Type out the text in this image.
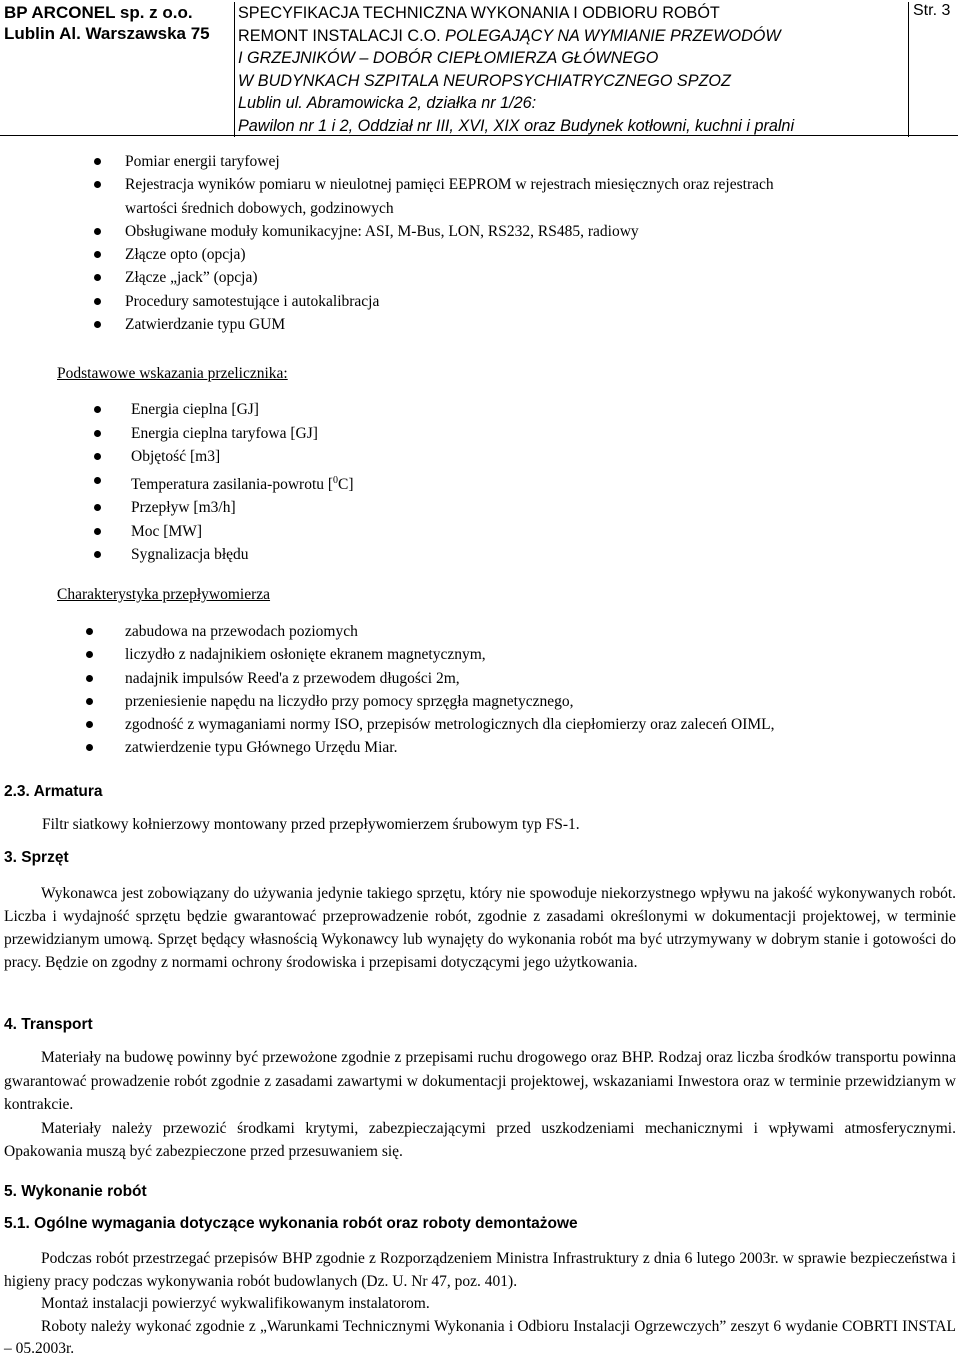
BP ARCONEL sp. z o.o.
Lublin Al. Warszawska 75

SPECYFIKACJA TECHNICZNA WYKONANIA I ODBIORU ROBÓT
REMONT INSTALACJI C.O. POLEGAJĄCY NA WYMIANIE PRZEWODÓW
I GRZEJNIKÓW – DOBÓR CIEPŁOMIERZA GŁÓWNEGO
W BUDYNKACH SZPITALA NEUROPSYCHIATRYCZNEGO SPZOZ
Lublin ul. Abramowicka 2, działka nr 1/26:
Pawilon nr 1 i 2, Oddział nr III, XVI, XIX oraz Budynek kotłowni, kuchni i pralni

Str. 3
Pomiar energii taryfowej
Rejestracja wyników pomiaru w nieulotnej pamięci EEPROM w rejestrach miesięcznych oraz rejestrach
wartości średnich dobowych, godzinowych
Obsługiwane moduły komunikacyjne: ASI, M-Bus, LON, RS232, RS485, radiowy
Złącze opto (opcja)
Złącze „jack” (opcja)
Procedury samotestujące i autokalibracja
Zatwierdzanie typu GUM
Podstawowe wskazania przelicznika:
Energia cieplna [GJ]
Energia cieplna taryfowa [GJ]
Objętość [m3]
Temperatura zasilania-powrotu [$^0$C]
Przepływ [m3/h]
Moc [MW]
Sygnalizacja błędu
Charakterystyka przepływomierza
zabudowa na przewodach poziomych
liczydło z nadajnikiem osłonięte ekranem magnetycznym,
nadajnik impulsów Reed'a z przewodem długości 2m,
przeniesienie napędu na liczydło przy pomocy sprzęgła magnetycznego,
zgodność z wymaganiami normy ISO, przepisów metrologicznych dla ciepłomierzy oraz zaleceń OIML,
zatwierdzenie typu Głównego Urzędu Miar.
2.3. Armatura
Filtr siatkowy kołnierzowy montowany przed przepływomierzem śrubowym typ FS-1.
3. Sprzęt

Wykonawca jest zobowiązany do używania jedynie takiego sprzętu, który nie spowoduje niekorzystnego wpływu na jakość wykonywanych robót. Liczba i wydajność sprzętu będzie gwarantować przeprowadzenie robót, zgodnie z zasadami określonymi w dokumentacji projektowej, w terminie przewidzianym umową. Sprzęt będący własnością Wykonawcy lub wynajęty do wykonania robót ma być utrzymywany w dobrym stanie i gotowości do pracy. Będzie on zgodny z normami ochrony środowiska i przepisami dotyczącymi jego użytkowania.

4. Transport

Materiały na budowę powinny być przewożone zgodnie z przepisami ruchu drogowego oraz BHP. Rodzaj oraz liczba środków transportu powinna gwarantować prowadzenie robót zgodnie z zasadami zawartymi w dokumentacji projektowej, wskazaniami Inwestora oraz w terminie przewidzianym w kontrakcie.

Materiały należy przewozić środkami krytymi, zabezpieczającymi przed uszkodzeniami mechanicznymi i wpływami atmosferycznymi. Opakowania muszą być zabezpieczone przed przesuwaniem się.

5. Wykonanie robót
5.1. Ogólne wymagania dotyczące wykonania robót oraz roboty demontażowe

Podczas robót przestrzegać przepisów BHP zgodnie z Rozporządzeniem Ministra Infrastruktury z dnia 6 lutego 2003r. w sprawie bezpieczeństwa i higieny pracy podczas wykonywania robót budowlanych (Dz. U. Nr 47, poz. 401).

Montaż instalacji powierzyć wykwalifikowanym instalatorom.

Roboty należy wykonać zgodnie z „Warunkami Technicznymi Wykonania i Odbioru Instalacji Ogrzewczych” zeszyt 6 wydanie COBRTI INSTAL – 05.2003r.
